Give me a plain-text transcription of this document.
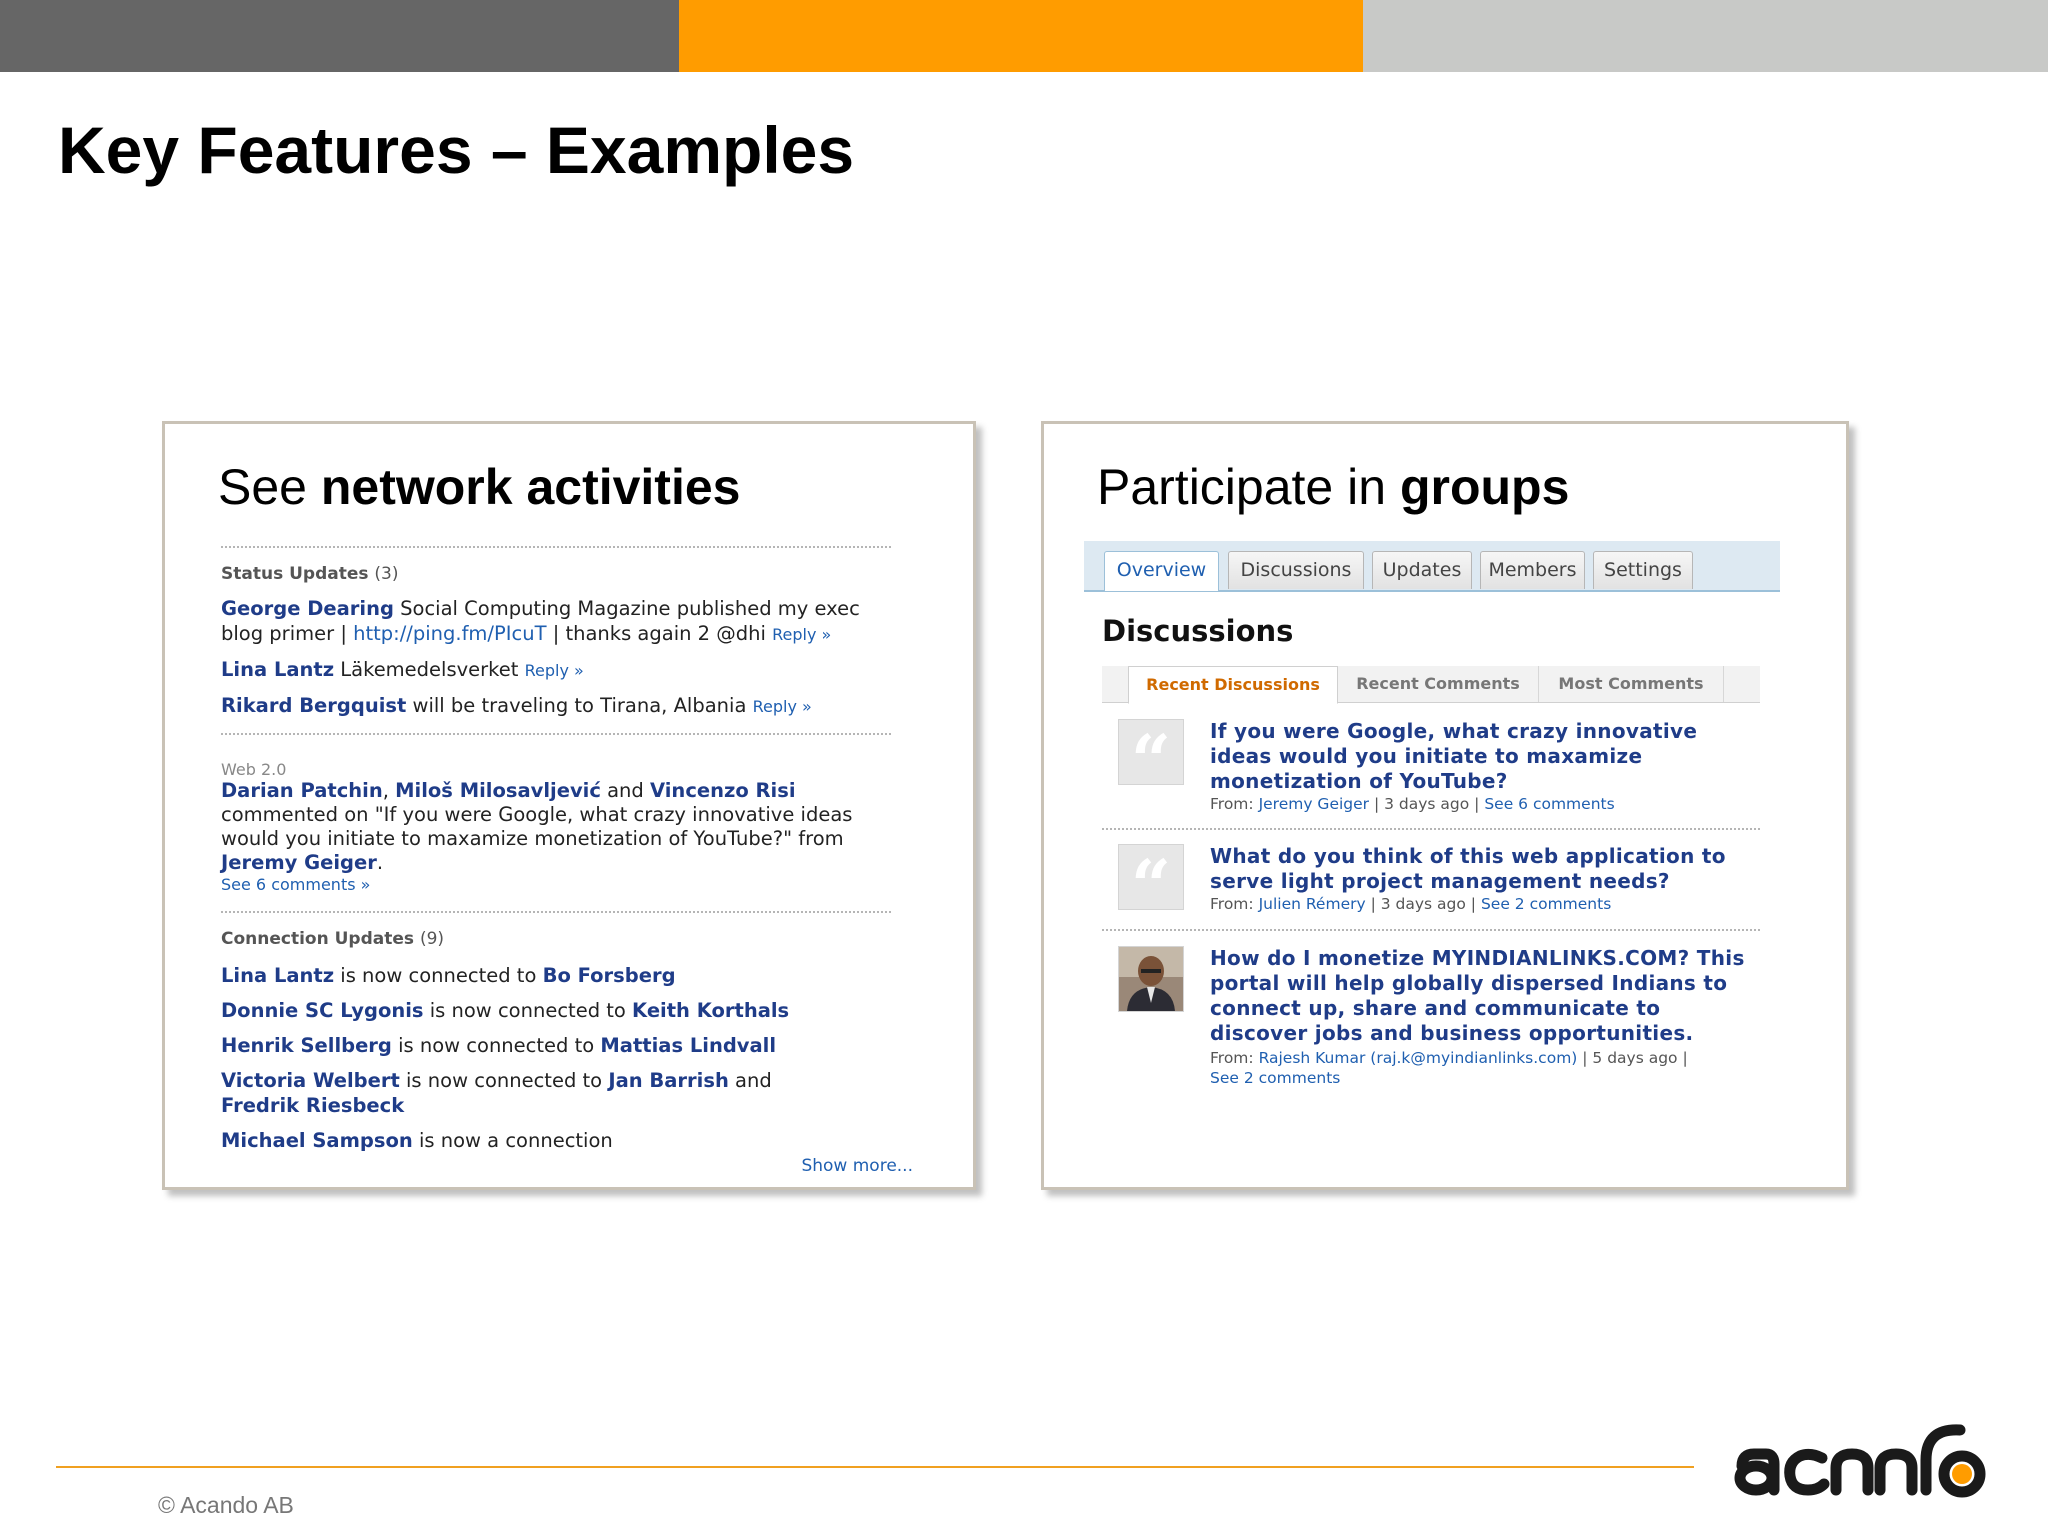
Key Features – Examples
See network activities
Status Updates (3)
George Dearing Social Computing Magazine published my exec blog primer | http://ping.fm/PIcuT | thanks again 2 @dhi Reply »
Lina Lantz Läkemedelsverket Reply »
Rikard Bergquist will be traveling to Tirana, Albania Reply »
Web 2.0
Darian Patchin, Miloš Milosavljević and Vincenzo Risi commented on "If you were Google, what crazy innovative ideas would you initiate to maxamize monetization of YouTube?" from Jeremy Geiger.
See 6 comments »
Connection Updates (9)
Lina Lantz is now connected to Bo Forsberg
Donnie SC Lygonis is now connected to Keith Korthals
Henrik Sellberg is now connected to Mattias Lindvall
Victoria Welbert is now connected to Jan Barrish and Fredrik Riesbeck
Michael Sampson is now a connection
Show more...
Participate in groups
Overview	Discussions	Updates	Members	Settings
Discussions
Recent Discussions	Recent Comments	Most Comments
“	If you were Google, what crazy innovative ideas would you initiate to maxamize monetization of YouTube?
From: Jeremy Geiger | 3 days ago | See 6 comments
“	What do you think of this web application to serve light project management needs?
From: Julien Rémery | 3 days ago | See 2 comments
How do I monetize MYINDIANLINKS.COM? This portal will help globally dispersed Indians to connect up, share and communicate to discover jobs and business opportunities.
From: Rajesh Kumar (raj.k@myindianlinks.com) | 5 days ago |
See 2 comments
© Acando AB
